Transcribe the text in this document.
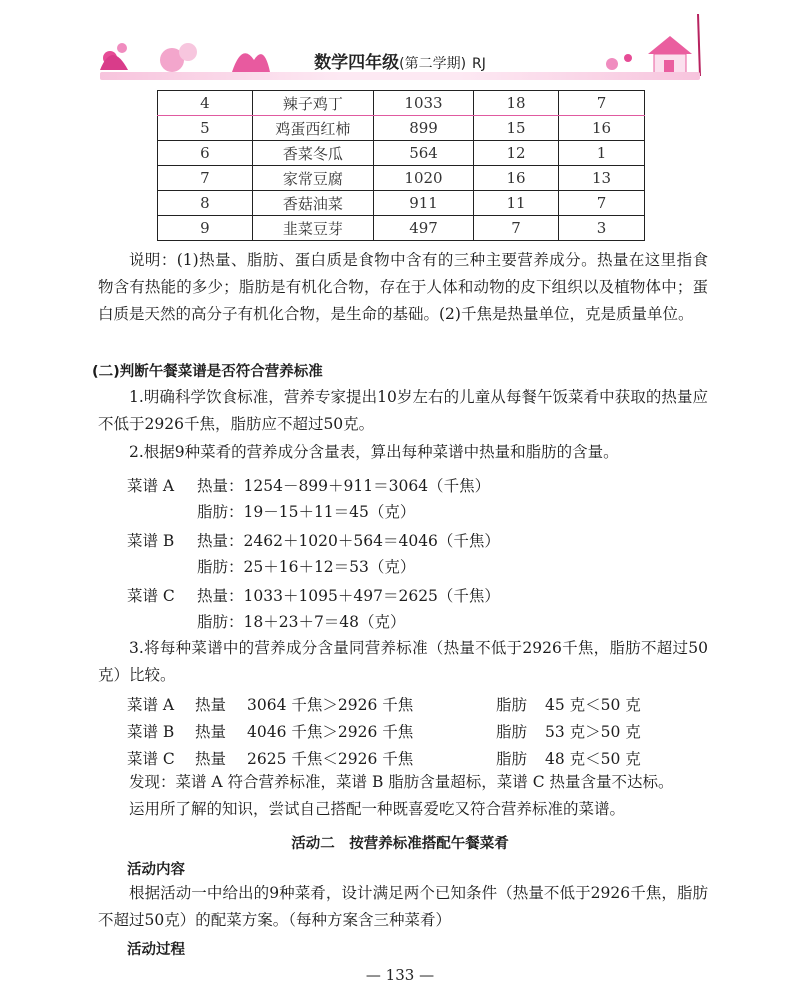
数学四年级(第二学期) RJ
4	辣子鸡丁	1033	18	7
5	鸡蛋西红柿	899	15	16
6	香菜冬瓜	564	12	1
7	家常豆腐	1020	16	13
8	香菇油菜	911	11	7
9	韭菜豆芽	497	7	3
说明：(1)热量、脂肪、蛋白质是食物中含有的三种主要营养成分。热量在这里指食物含有热能的多少；脂肪是有机化合物，存在于人体和动物的皮下组织以及植物体中；蛋白质是天然的高分子有机化合物，是生命的基础。(2)千焦是热量单位，克是质量单位。
(二)判断午餐菜谱是否符合营养标准
1.明确科学饮食标准，营养专家提出10岁左右的儿童从每餐午饭菜肴中获取的热量应不低于2926千焦，脂肪应不超过50克。
2.根据9种菜肴的营养成分含量表，算出每种菜谱中热量和脂肪的含量。
菜谱 A 热量：1254－899＋911＝3064（千焦）
脂肪：19－15＋11＝45（克）
菜谱 B 热量：2462＋1020＋564＝4046（千焦）
脂肪：25＋16＋12＝53（克）
菜谱 C 热量：1033＋1095＋497＝2625（千焦）
脂肪：18＋23＋7＝48（克）
3.将每种菜谱中的营养成分含量同营养标准（热量不低于2926千焦，脂肪不超过50克）比较。
菜谱 A 热量 3064 千焦＞2926 千焦	脂肪 45 克＜50 克
菜谱 B 热量 4046 千焦＞2926 千焦	脂肪 53 克＞50 克
菜谱 C 热量 2625 千焦＜2926 千焦	脂肪 48 克＜50 克
发现：菜谱 A 符合营养标准，菜谱 B 脂肪含量超标，菜谱 C 热量含量不达标。
运用所了解的知识，尝试自己搭配一种既喜爱吃又符合营养标准的菜谱。
活动二　按营养标准搭配午餐菜肴
活动内容
根据活动一中给出的9种菜肴，设计满足两个已知条件（热量不低于2926千焦，脂肪不超过50克）的配菜方案。（每种方案含三种菜肴）
活动过程
— 133 —
